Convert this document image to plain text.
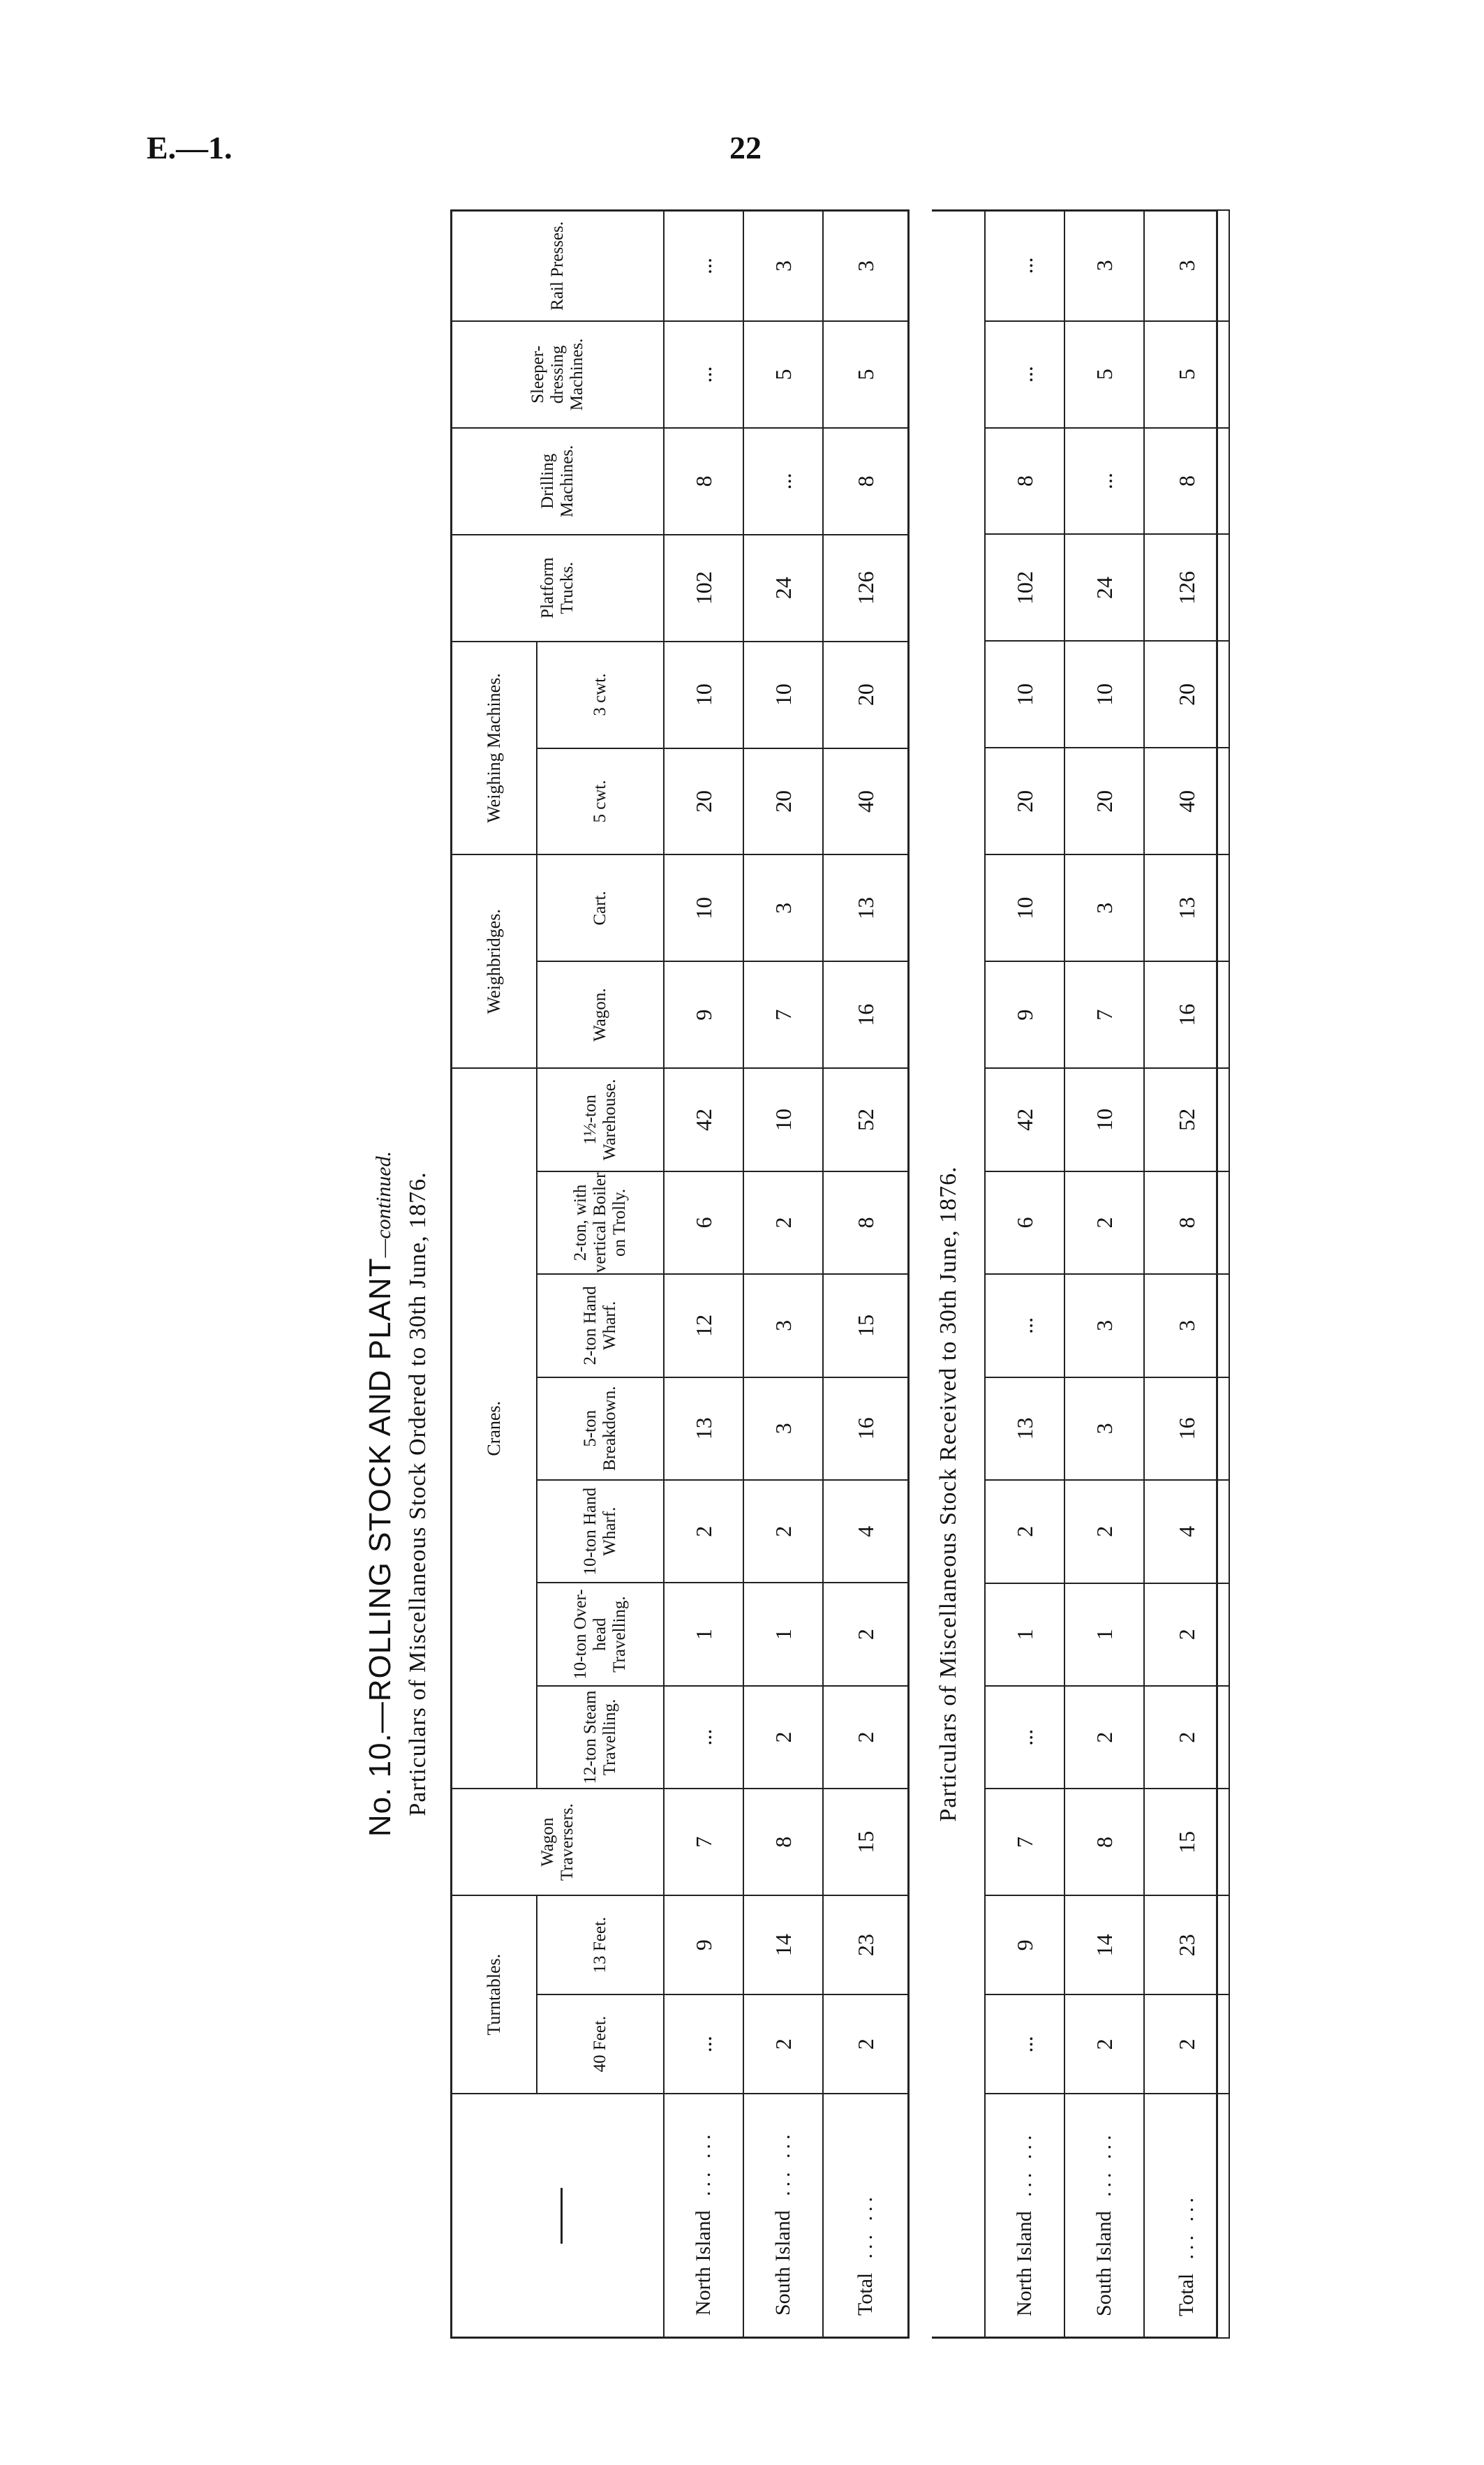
E.—1.	22
No. 10.—ROLLING STOCK AND PLANT—continued. Particulars of Miscellaneous Stock Ordered to 30th June, 1876.
	Turntables.		Wagon Traversers.	Cranes.							Weighbridges.		Weighing Machines.		Platform Trucks.	Drilling Machines.	Sleeper-dressing Machines.	Rail Presses.
	40 Feet.	13 Feet.		12-ton Steam Travelling.	10-ton Over-head Travelling.	10-ton Hand Wharf.	5-ton Breakdown.	2-ton Hand Wharf.	2-ton, with vertical Boiler on Trolly.	1½-ton Warehouse.	Wagon.	Cart.	5 cwt.	3 cwt.				
North Island ... ...	...	9	7	...	1	2	13	12	6	42	9	10	20	10	102	8	...	...
South Island ... ...	2	14	8	2	1	2	3	3	2	10	7	3	20	10	24	...	5	3
Total ... ...	2	23	15	2	2	4	16	15	8	52	16	13	40	20	126	8	5	3
Particulars of Miscellaneous Stock Received to 30th June, 1876.
North Island ... ...	...	9	7	...	1	2	13	...	6	42	9	10	20	10	102	8	...	...
South Island ... ...	2	14	8	2	1	2	3	3	2	10	7	3	20	10	24	...	5	3
Total ... ...	2	23	15	2	2	4	16	3	8	52	16	13	40	20	126	8	5	3
